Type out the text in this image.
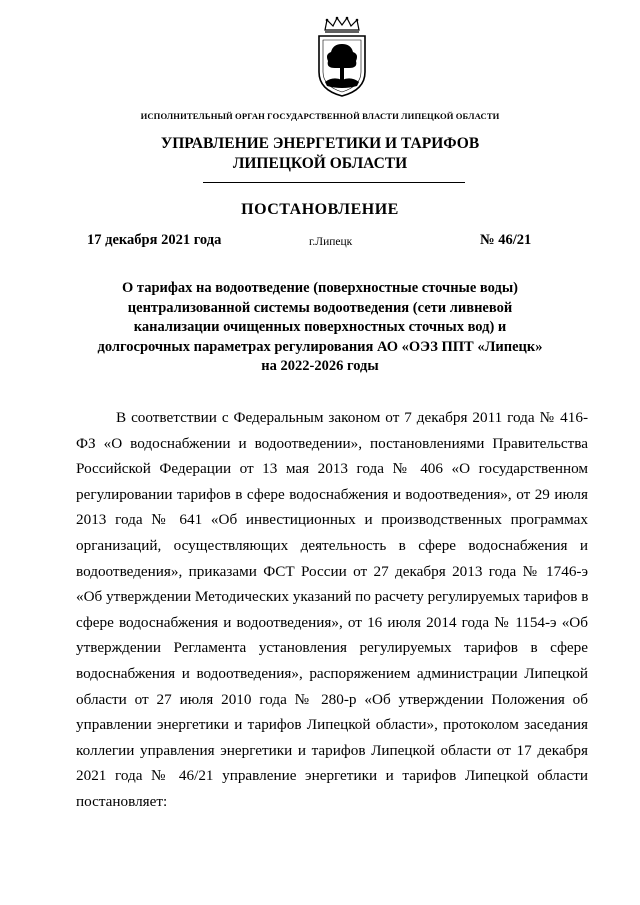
ИСПОЛНИТЕЛЬНЫЙ ОРГАН ГОСУДАРСТВЕННОЙ ВЛАСТИ ЛИПЕЦКОЙ ОБЛАСТИ
УПРАВЛЕНИЕ ЭНЕРГЕТИКИ И ТАРИФОВ
ЛИПЕЦКОЙ ОБЛАСТИ
ПОСТАНОВЛЕНИЕ
17 декабря 2021 года	г.Липецк	№ 46/21
О тарифах на водоотведение (поверхностные сточные воды)
централизованной системы водоотведения (сети ливневой
канализации очищенных поверхностных сточных вод) и
долгосрочных параметрах регулирования АО «ОЭЗ ППТ «Липецк»
на 2022-2026 годы
В соответствии с Федеральным законом от 7 декабря 2011 года № 416-
ФЗ «О водоснабжении и водоотведении», постановлениями Правительства
Российской Федерации от 13 мая 2013 года № 406 «О государственном
регулировании тарифов в сфере водоснабжения и водоотведения», от 29 июля
2013 года № 641 «Об инвестиционных и производственных программах
организаций, осуществляющих деятельность в сфере водоснабжения и
водоотведения», приказами ФСТ России от 27 декабря 2013 года № 1746-э
«Об утверждении Методических указаний по расчету регулируемых тарифов в
сфере водоснабжения и водоотведения», от 16 июля 2014 года № 1154-э «Об
утверждении Регламента установления регулируемых тарифов в сфере
водоснабжения и водоотведения», распоряжением администрации Липецкой
области от 27 июля 2010 года № 280-р «Об утверждении Положения об
управлении энергетики и тарифов Липецкой области», протоколом заседания
коллегии управления энергетики и тарифов Липецкой области от 17 декабря
2021 года № 46/21 управление энергетики и тарифов Липецкой области
постановляет:
